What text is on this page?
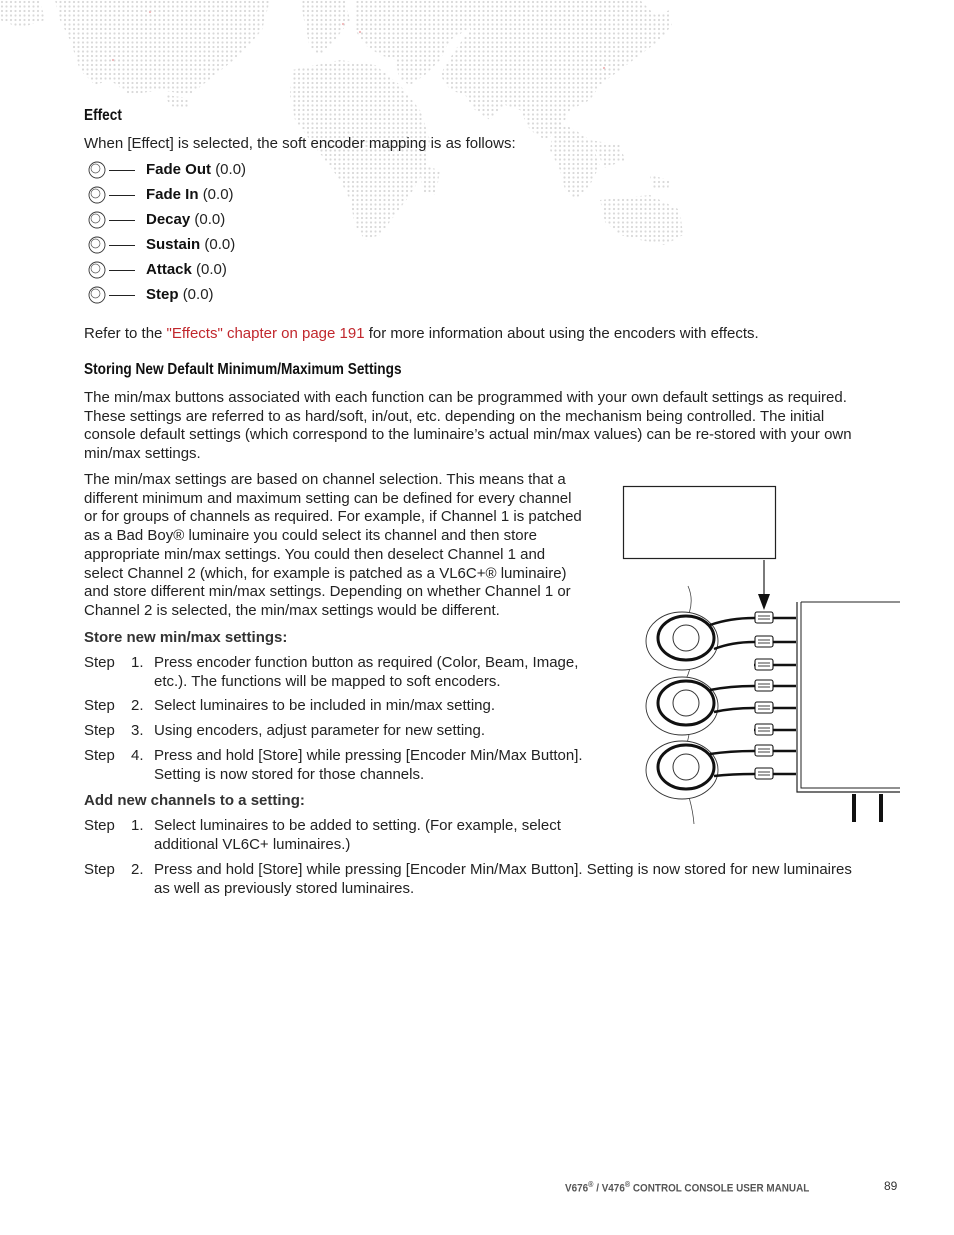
Effect
When [Effect] is selected, the soft encoder mapping is as follows:
Fade Out (0.0)
Fade In (0.0)
Decay (0.0)
Sustain (0.0)
Attack (0.0)
Step (0.0)
Refer to the "Effects" chapter on page 191 for more information about using the encoders with effects.
Storing New Default Minimum/Maximum Settings
The min/max buttons associated with each function can be programmed with your own default settings as required.
These settings are referred to as hard/soft, in/out, etc. depending on the mechanism being controlled. The initial
console default settings (which correspond to the luminaire’s actual min/max values) can be re-stored with your own
min/max settings.
The min/max settings are based on channel selection. This means that a
different minimum and maximum setting can be defined for every channel
or for groups of channels as required. For example, if Channel 1 is patched
as a Bad Boy® luminaire you could select its channel and then store
appropriate min/max settings. You could then deselect Channel 1 and
select Channel 2 (which, for example is patched as a VL6C+® luminaire)
and store different min/max settings. Depending on whether Channel 1 or
Channel 2 is selected, the min/max settings would be different.
Store new min/max settings:
Step 1. Press encoder function button as required (Color, Beam, Image,
etc.). The functions will be mapped to soft encoders.
Step 2. Select luminaires to be included in min/max setting.
Step 3. Using encoders, adjust parameter for new setting.
Step 4. Press and hold [Store] while pressing [Encoder Min/Max Button].
Setting is now stored for those channels.
Add new channels to a setting:
Step 1. Select luminaires to be added to setting. (For example, select
additional VL6C+ luminaires.)
Step 2. Press and hold [Store] while pressing [Encoder Min/Max Button]. Setting is now stored for new luminaires
as well as previously stored luminaires.
V676® / V476® CONTROL CONSOLE USER MANUAL	89
